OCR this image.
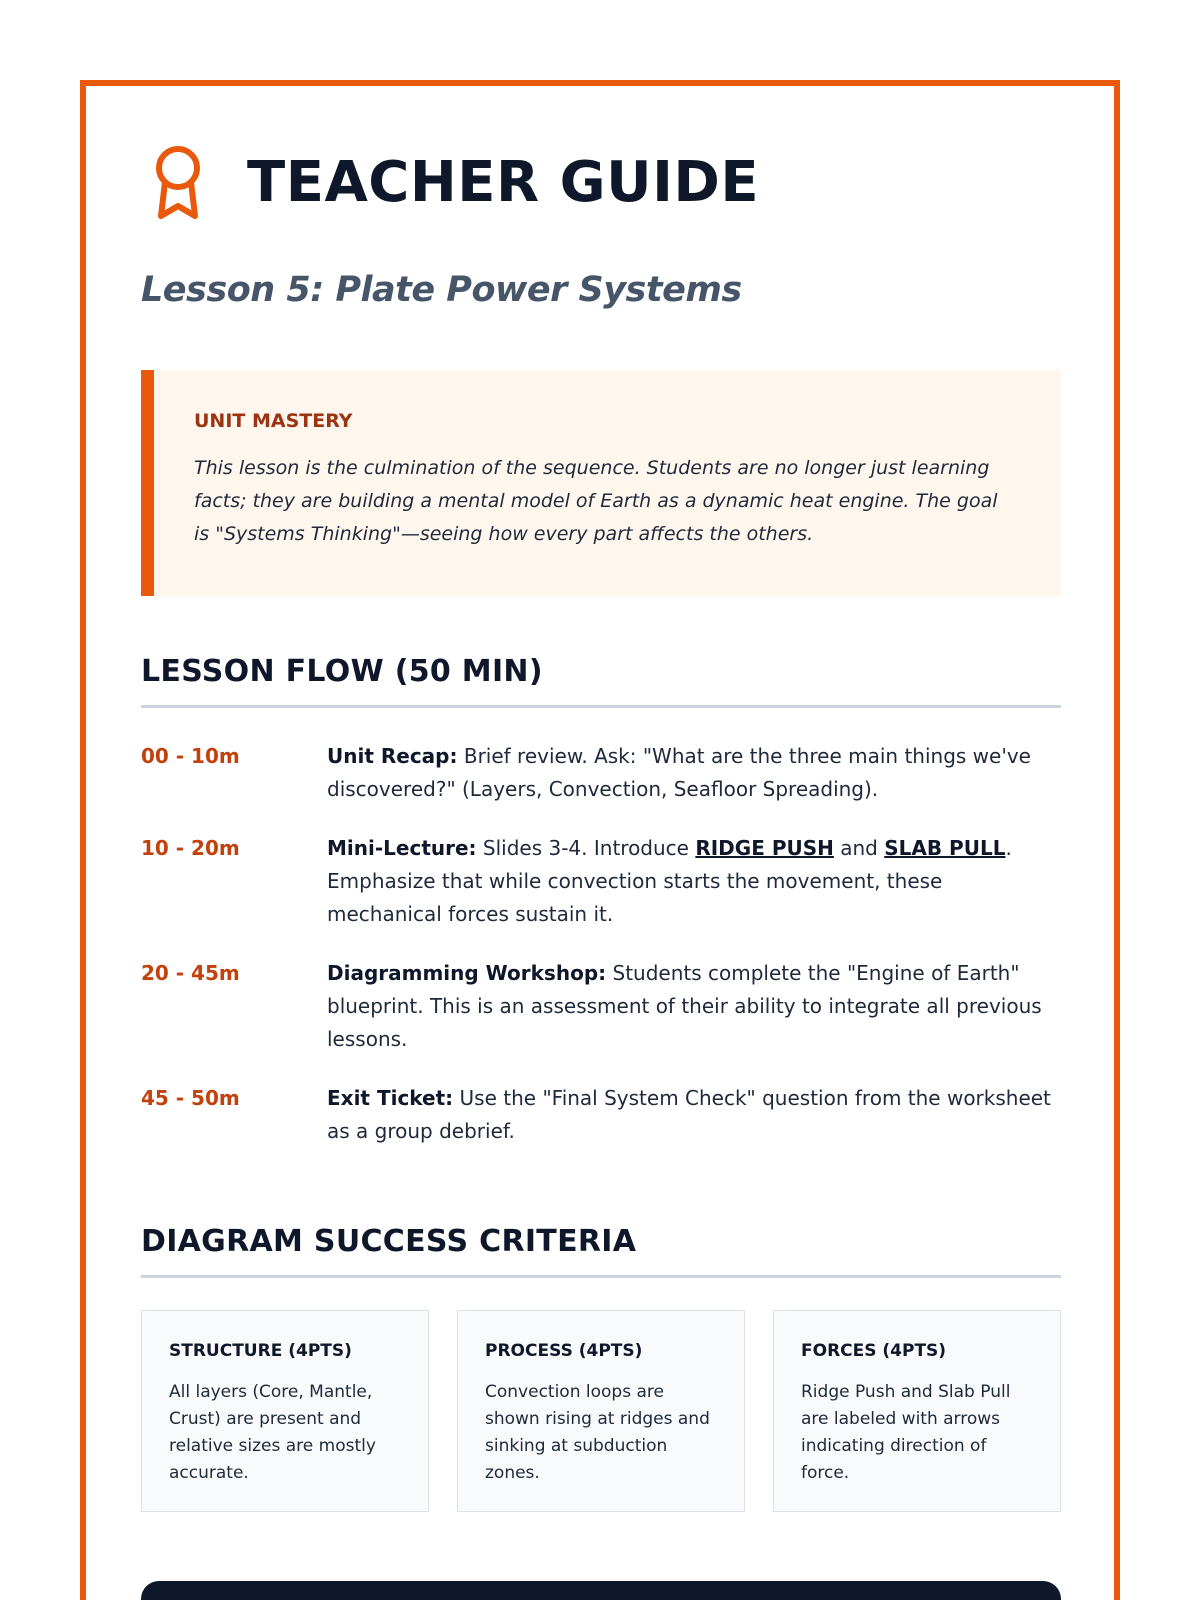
TEACHER GUIDE
Lesson 5: Plate Power Systems
UNIT MASTERY

This lesson is the culmination of the sequence. Students are no longer just learning facts; they are building a mental model of Earth as a dynamic heat engine. The goal is "Systems Thinking"—seeing how every part affects the others.

LESSON FLOW (50 MIN)
00 - 10m	Unit Recap: Brief review. Ask: "What are the three main things we've discovered?" (Layers, Convection, Seafloor Spreading).
10 - 20m	Mini-Lecture: Slides 3-4. Introduce RIDGE PUSH and SLAB PULL. Emphasize that while convection starts the movement, these mechanical forces sustain it.
20 - 45m	Diagramming Workshop: Students complete the "Engine of Earth" blueprint. This is an assessment of their ability to integrate all previous lessons.
45 - 50m	Exit Ticket: Use the "Final System Check" question from the worksheet as a group debrief.
DIAGRAM SUCCESS CRITERIA
STRUCTURE (4PTS)

All layers (Core, Mantle, Crust) are present and relative sizes are mostly accurate.

PROCESS (4PTS)

Convection loops are shown rising at ridges and sinking at subduction zones.

FORCES (4PTS)

Ridge Push and Slab Pull are labeled with arrows indicating direction of force.
